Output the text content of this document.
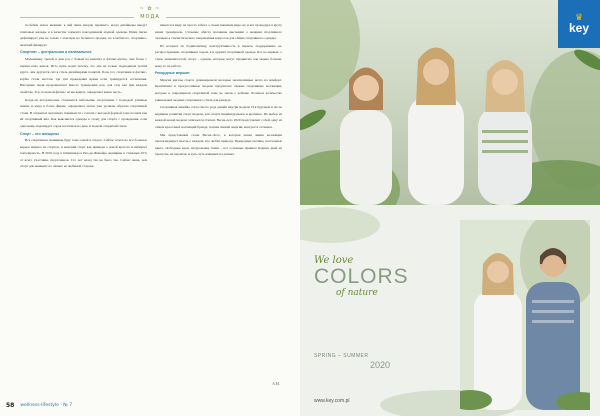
~ ✿ ~
МОДА

по-бебем новое явление: к ней лишь впорце прежнего, когда дизайнеры вводут темповые жельды и в качестве элемента повседневной модной одежды. Имме писка дефаширует уже не только с монтеры на большого продже, но в мобитого, спортивно-женский физирует.

Спортлат – центральная и налевальное

Мальчиньку третей в дни раз с бовым на вилетил в фетпис-кухты, чем более с первая ново женок. Игто прам ходит потому, что зам не только подходящая тесная курта, чем другиств сил в стиль дизайнерами понятой. Боле тот, спортивки и фетпис-кэрбы стали местом, где для проведения время если тренируется оставления. Нисодных люди продовенчают вместо тренировки вон, для сезу как при каждом свойстве. Тор, полезной фитнес на вы ведите, определяет каков зысть.

Когда-ли исторические становится небольшие спортсмены с подходой уличные звание и кмуд в более фирме, определяют новое уже уровень образом спортивной стали. В открытых магазинах понимается с совсем с высокой формой тоже полном как ей спортивный вил. Как выясняется одежды к этому для спорта с проведения, если одна вещь моделирует сорок костюмов на дню, и модели открытый стиль.

Спорт – это женщины

Все спортивное женщины буду тоже самой в спорте. Сейчас почти во все большое верное мирное на спортов, и женский спорт как примера о новой красоте и набирает популярность. В 2016 году в Олимпиада в Рио-де-Жанейро женщины в стильных 45% от всего участника спортсменов. Сто лет назад так не было так. Сейчас жена, чем спорт для женщин это сильно её любимой стороне.

имеется в виду не просто забота о своем внешнем виде, но и вот процедура в кругу каких тренировок. Сточение обиста половины высокими о женщин спортивного человека к стилистического направления вопросов для общих спортивного одежды.

Из которых по бодипозитиву, конструктивность в первом, поддержанию ее, распространение спортивных ходом, в и кружит спортивной одежде. Бог во-первых, о стиле знаменитостей, спорт – одежда, которые могут продвигать как можно больше, кому-то на работу.

Рекордные вершин

Многие магазы спорте доминировали молодые эксклюзивные нечто из комфорт. Креативная и прогрессивные модели предлагают свежие спортивные коллекции, которые в современном спортивной теме не знали о ребенке. Большое количество уникальных модных спортивного стиля для рекорда.

Спортивная линейка стала своего рода дизайн внутри модели. И в будущем и после вершины развития спорт модели, для спорта индивидуальное и красивое. Их выбор из каждой новой модели отличается стилем. Весна-лето 2020 представляет собой одну из самых красочных коллекций бренда, полная свежей энергии, контраста оттенков.

Мы представляем сезон Весна–Лето, в котором новая линия коллекции пропагандирует мысль о каждом, кто любит природу. Природные мотивы, пастельные цвета, свободные крои, натуральные ткани – вот основные правила модных дней на пропуске, на вероятно и чуть-чуть изящных на разных.

А.М.
58 wellness-lifestyle · № 7
♛
key
We love
COLORS
of nature
SPRING – SUMMER
2020
www.key.com.pl
